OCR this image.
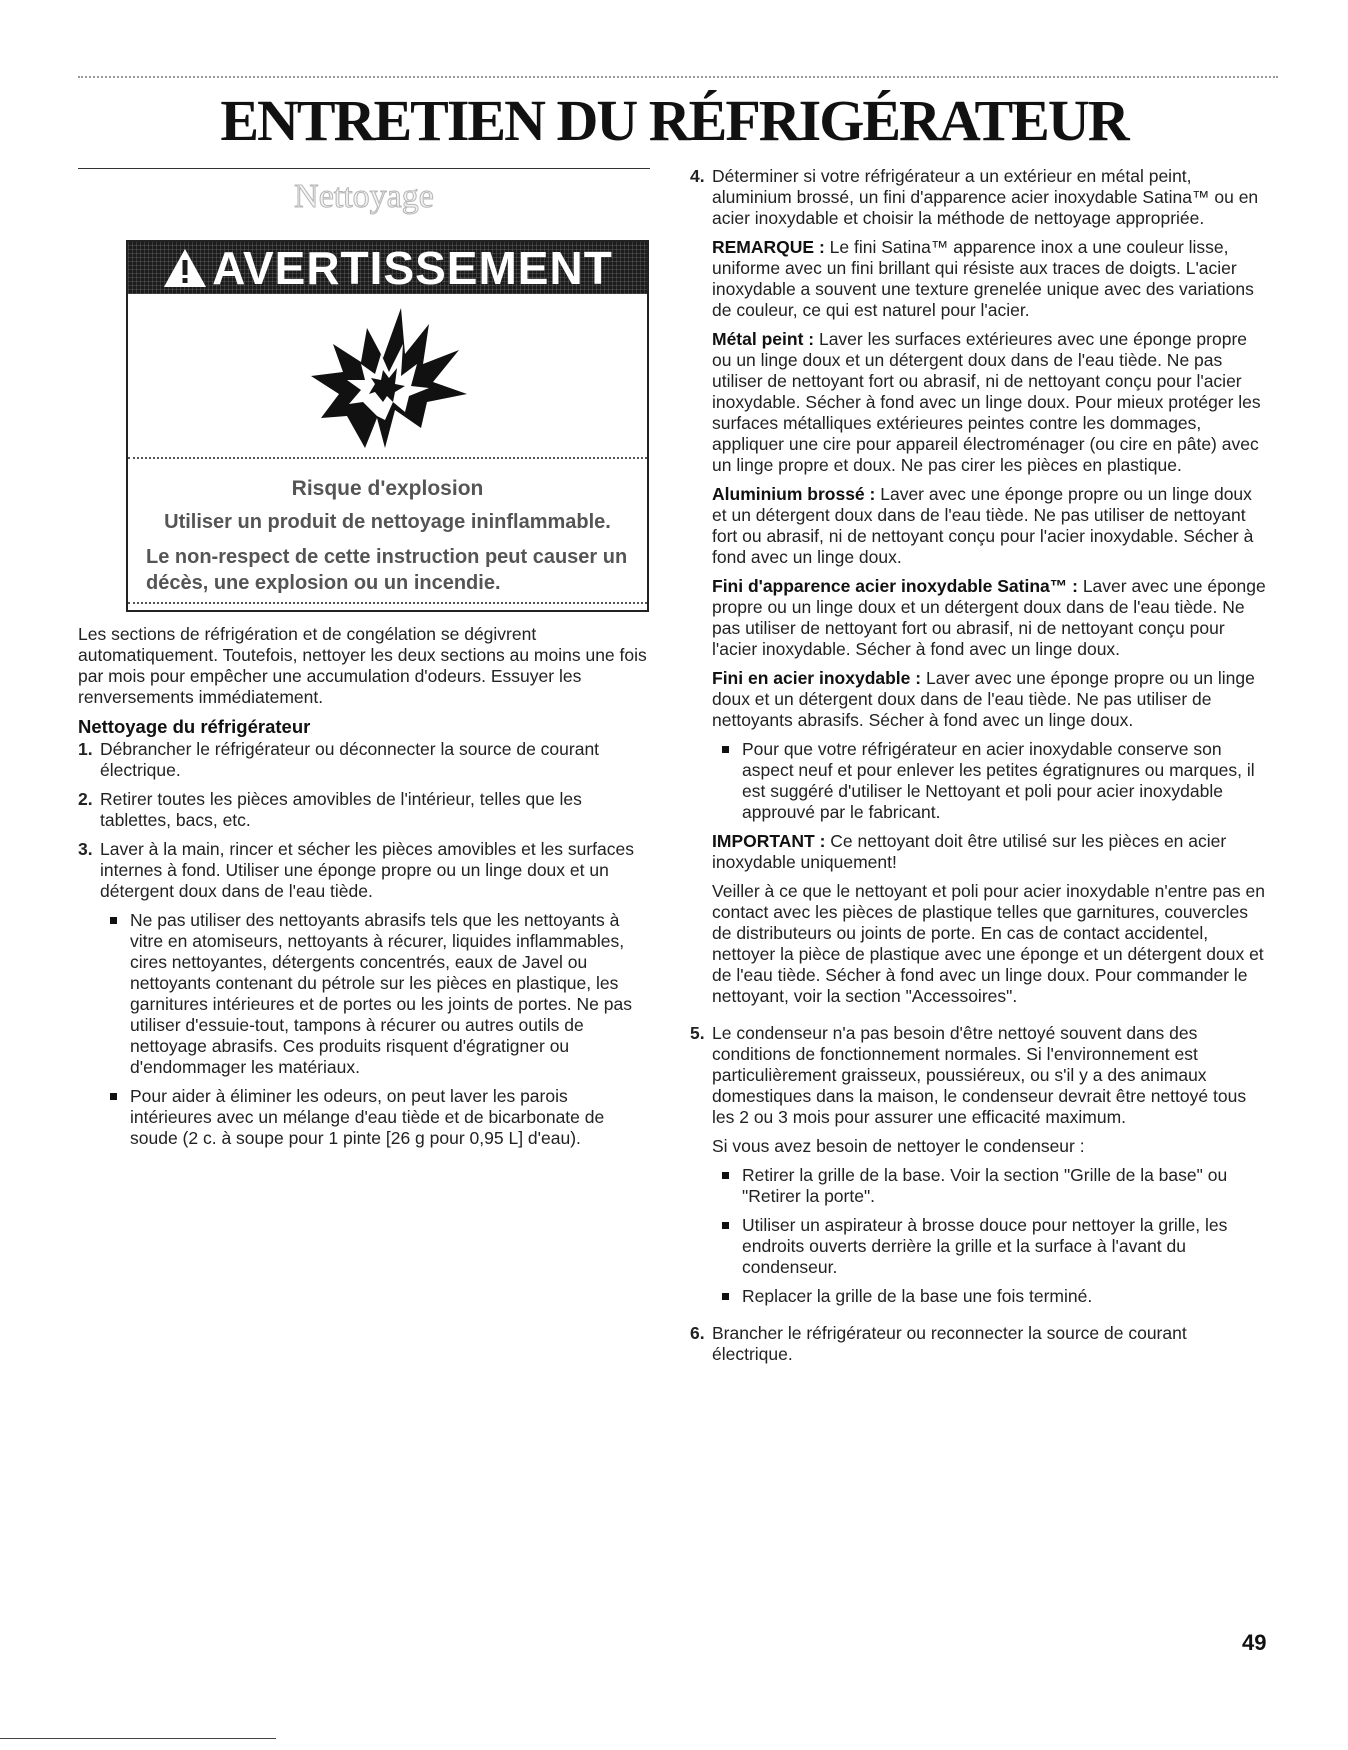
ENTRETIEN DU RÉFRIGÉRATEUR
Nettoyage
AVERTISSEMENT

Risque d'explosion

Utiliser un produit de nettoyage ininflammable.

Le non-respect de cette instruction peut causer un décès, une explosion ou un incendie.

Les sections de réfrigération et de congélation se dégivrent automatiquement. Toutefois, nettoyer les deux sections au moins une fois par mois pour empêcher une accumulation d'odeurs. Essuyer les renversements immédiatement.

Nettoyage du réfrigérateur
1. Débrancher le réfrigérateur ou déconnecter la source de courant électrique.
2. Retirer toutes les pièces amovibles de l'intérieur, telles que les tablettes, bacs, etc.
3. Laver à la main, rincer et sécher les pièces amovibles et les surfaces internes à fond. Utiliser une éponge propre ou un linge doux et un détergent doux dans de l'eau tiède.
Ne pas utiliser des nettoyants abrasifs tels que les nettoyants à vitre en atomiseurs, nettoyants à récurer, liquides inflammables, cires nettoyantes, détergents concentrés, eaux de Javel ou nettoyants contenant du pétrole sur les pièces en plastique, les garnitures intérieures et de portes ou les joints de portes. Ne pas utiliser d'essuie-tout, tampons à récurer ou autres outils de nettoyage abrasifs. Ces produits risquent d'égratigner ou d'endommager les matériaux.
Pour aider à éliminer les odeurs, on peut laver les parois intérieures avec un mélange d'eau tiède et de bicarbonate de soude (2 c. à soupe pour 1 pinte [26 g pour 0,95 L] d'eau).
4. Déterminer si votre réfrigérateur a un extérieur en métal peint, aluminium brossé, un fini d'apparence acier inoxydable Satina™ ou en acier inoxydable et choisir la méthode de nettoyage appropriée.

REMARQUE : Le fini Satina™ apparence inox a une couleur lisse, uniforme avec un fini brillant qui résiste aux traces de doigts. L'acier inoxydable a souvent une texture grenelée unique avec des variations de couleur, ce qui est naturel pour l'acier.

Métal peint : Laver les surfaces extérieures avec une éponge propre ou un linge doux et un détergent doux dans de l'eau tiède. Ne pas utiliser de nettoyant fort ou abrasif, ni de nettoyant conçu pour l'acier inoxydable. Sécher à fond avec un linge doux. Pour mieux protéger les surfaces métalliques extérieures peintes contre les dommages, appliquer une cire pour appareil électroménager (ou cire en pâte) avec un linge propre et doux. Ne pas cirer les pièces en plastique.

Aluminium brossé : Laver avec une éponge propre ou un linge doux et un détergent doux dans de l'eau tiède. Ne pas utiliser de nettoyant fort ou abrasif, ni de nettoyant conçu pour l'acier inoxydable. Sécher à fond avec un linge doux.

Fini d'apparence acier inoxydable Satina™ : Laver avec une éponge propre ou un linge doux et un détergent doux dans de l'eau tiède. Ne pas utiliser de nettoyant fort ou abrasif, ni de nettoyant conçu pour l'acier inoxydable. Sécher à fond avec un linge doux.

Fini en acier inoxydable : Laver avec une éponge propre ou un linge doux et un détergent doux dans de l'eau tiède. Ne pas utiliser de nettoyants abrasifs. Sécher à fond avec un linge doux.

Pour que votre réfrigérateur en acier inoxydable conserve son aspect neuf et pour enlever les petites égratignures ou marques, il est suggéré d'utiliser le Nettoyant et poli pour acier inoxydable approuvé par le fabricant.

IMPORTANT : Ce nettoyant doit être utilisé sur les pièces en acier inoxydable uniquement!

Veiller à ce que le nettoyant et poli pour acier inoxydable n'entre pas en contact avec les pièces de plastique telles que garnitures, couvercles de distributeurs ou joints de porte. En cas de contact accidentel, nettoyer la pièce de plastique avec une éponge et un détergent doux et de l'eau tiède. Sécher à fond avec un linge doux. Pour commander le nettoyant, voir la section "Accessoires".

5. Le condenseur n'a pas besoin d'être nettoyé souvent dans des conditions de fonctionnement normales. Si l'environnement est particulièrement graisseux, poussiéreux, ou s'il y a des animaux domestiques dans la maison, le condenseur devrait être nettoyé tous les 2 ou 3 mois pour assurer une efficacité maximum.

Si vous avez besoin de nettoyer le condenseur :

Retirer la grille de la base. Voir la section "Grille de la base" ou "Retirer la porte".
Utiliser un aspirateur à brosse douce pour nettoyer la grille, les endroits ouverts derrière la grille et la surface à l'avant du condenseur.
Replacer la grille de la base une fois terminé.
6. Brancher le réfrigérateur ou reconnecter la source de courant électrique.
49
